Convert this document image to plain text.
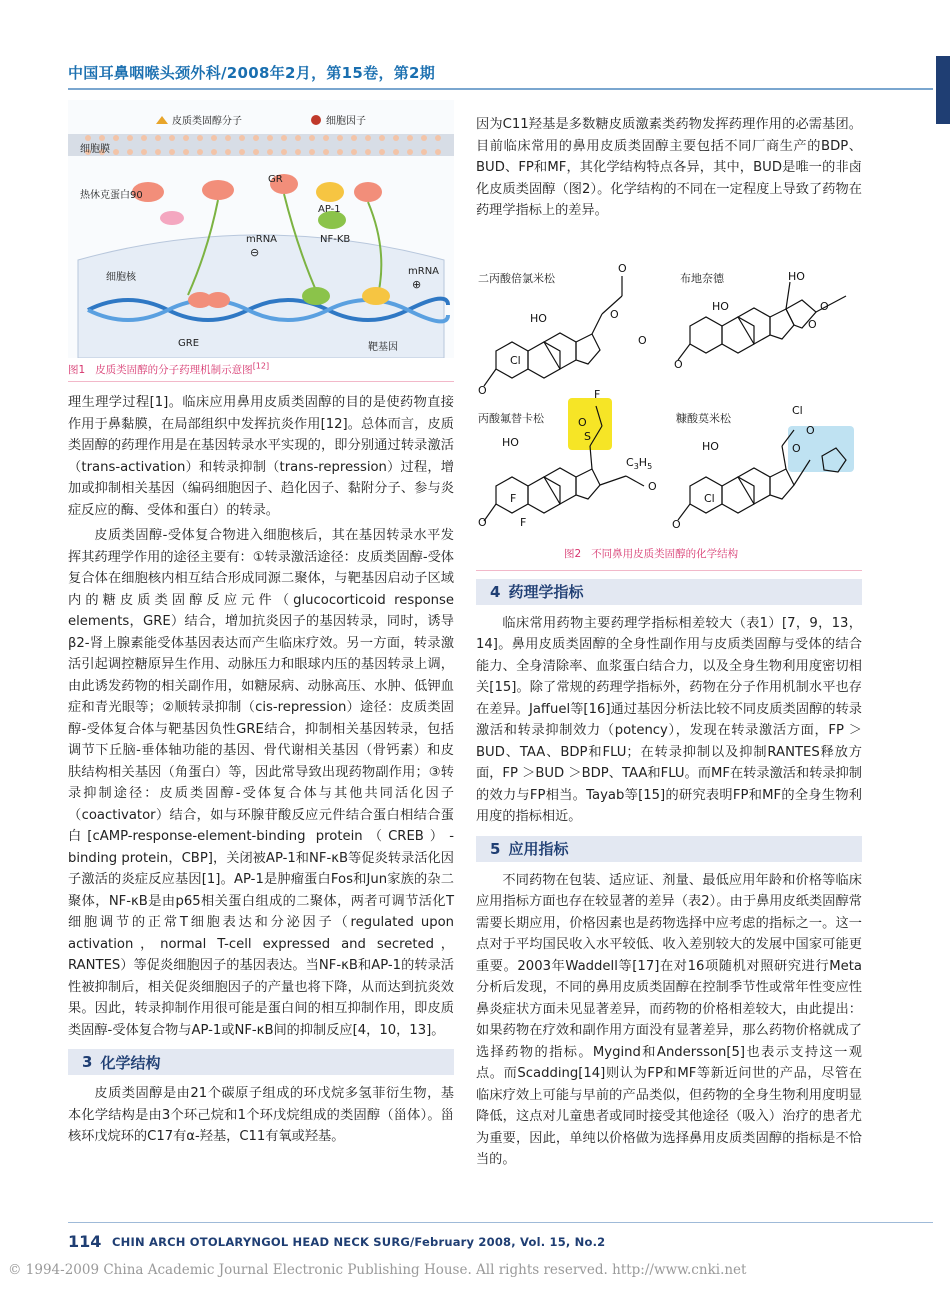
中国耳鼻咽喉头颈外科/2008年2月，第15卷，第2期
皮质类固醇分子	细胞因子
细胞膜
热休克蛋白90
GR
AP-1
NF-KB
mRNA
⊖
mRNA
⊕
细胞核
GRE	靶基因
图1 皮质类固醇的分子药理机制示意图[12]

理生理学过程[1]。临床应用鼻用皮质类固醇的目的是使药物直接作用于鼻黏膜，在局部组织中发挥抗炎作用[12]。总体而言，皮质类固醇的药理作用是在基因转录水平实现的，即分别通过转录激活（trans-activation）和转录抑制（trans-repression）过程，增加或抑制相关基因（编码细胞因子、趋化因子、黏附分子、参与炎症反应的酶、受体和蛋白）的转录。

皮质类固醇-受体复合物进入细胞核后，其在基因转录水平发挥其药理学作用的途径主要有：①转录激活途径：皮质类固醇-受体复合体在细胞核内相互结合形成同源二聚体，与靶基因启动子区域内的糖皮质类固醇反应元件（glucocorticoid response elements，GRE）结合，增加抗炎因子的基因转录，同时，诱导β2-肾上腺素能受体基因表达而产生临床疗效。另一方面，转录激活引起调控糖原异生作用、动脉压力和眼球内压的基因转录上调，由此诱发药物的相关副作用，如糖尿病、动脉高压、水肿、低钾血症和青光眼等；②顺转录抑制（cis-repression）途径：皮质类固醇-受体复合体与靶基因负性GRE结合，抑制相关基因转录，包括调节下丘脑-垂体轴功能的基因、骨代谢相关基因（骨钙素）和皮肤结构相关基因（角蛋白）等，因此常导致出现药物副作用；③转录抑制途径：皮质类固醇-受体复合体与其他共同活化因子（coactivator）结合，如与环腺苷酸反应元件结合蛋白相结合蛋白[cAMP-response-element-binding protein（CREB）-binding protein，CBP]，关闭被AP-1和NF-κB等促炎转录活化因子激活的炎症反应基因[1]。AP-1是肿瘤蛋白Fos和Jun家族的杂二聚体，NF-κB是由p65相关蛋白组成的二聚体，两者可调节活化T细胞调节的正常T细胞表达和分泌因子（regulated upon activation，normal T-cell expressed and secreted，RANTES）等促炎细胞因子的基因表达。当NF-κB和AP-1的转录活性被抑制后，相关促炎细胞因子的产量也将下降，从而达到抗炎效果。因此，转录抑制作用很可能是蛋白间的相互抑制作用，即皮质类固醇-受体复合物与AP-1或NF-κB间的抑制反应[4，10，13]。

3 化学结构

皮质类固醇是由21个碳原子组成的环戊烷多氢菲衍生物，基本化学结构是由3个环己烷和1个环戊烷组成的类固醇（甾体）。甾核环戊烷环的C17有α-羟基，C11有氧或羟基。

因为C11羟基是多数糖皮质激素类药物发挥药理作用的必需基团。目前临床常用的鼻用皮质类固醇主要包括不同厂商生产的BDP、BUD、FP和MF，其化学结构特点各异，其中，BUD是唯一的非卤化皮质类固醇（图2）。化学结构的不同在一定程度上导致了药物在药理学指标上的差异。

O
O
Cl
HO	O
O
HO
O
HO
O
O
F
O
S
O
F
F
HO
O
$C_3H_5$
Cl
O
Cl
HO
O
O
二丙酸倍氯米松	布地奈德
丙酸氟替卡松	糠酸莫米松
图2 不同鼻用皮质类固醇的化学结构
4 药理学指标

临床常用药物主要药理学指标相差较大（表1）[7，9，13，14]。鼻用皮质类固醇的全身性副作用与皮质类固醇与受体的结合能力、全身清除率、血浆蛋白结合力，以及全身生物利用度密切相关[15]。除了常规的药理学指标外，药物在分子作用机制水平也存在差异。Jaffuel等[16]通过基因分析法比较不同皮质类固醇的转录激活和转录抑制效力（potency），发现在转录激活方面，FP ＞BUD、TAA、BDP和FLU；在转录抑制以及抑制RANTES释放方面，FP ＞BUD ＞BDP、TAA和FLU。而MF在转录激活和转录抑制的效力与FP相当。Tayab等[15]的研究表明FP和MF的全身生物利用度的指标相近。

5 应用指标

不同药物在包装、适应证、剂量、最低应用年龄和价格等临床应用指标方面也存在较显著的差异（表2）。由于鼻用皮纸类固醇常需要长期应用，价格因素也是药物选择中应考虑的指标之一。这一点对于平均国民收入水平较低、收入差别较大的发展中国家可能更重要。2003年Waddell等[17]在对16项随机对照研究进行Meta分析后发现，不同的鼻用皮质类固醇在控制季节性或常年性变应性鼻炎症状方面未见显著差异，而药物的价格相差较大，由此提出：如果药物在疗效和副作用方面没有显著差异，那么药物价格就成了选择药物的指标。Mygind和Andersson[5]也表示支持这一观点。而Scadding[14]则认为FP和MF等新近问世的产品，尽管在临床疗效上可能与早前的产品类似，但药物的全身生物利用度明显降低，这点对儿童患者或同时接受其他途径（吸入）治疗的患者尤为重要，因此，单纯以价格做为选择鼻用皮质类固醇的指标是不恰当的。

114 CHIN ARCH OTOLARYNGOL HEAD NECK SURG/February 2008, Vol. 15, No.2
© 1994-2009 China Academic Journal Electronic Publishing House. All rights reserved. http://www.cnki.net
